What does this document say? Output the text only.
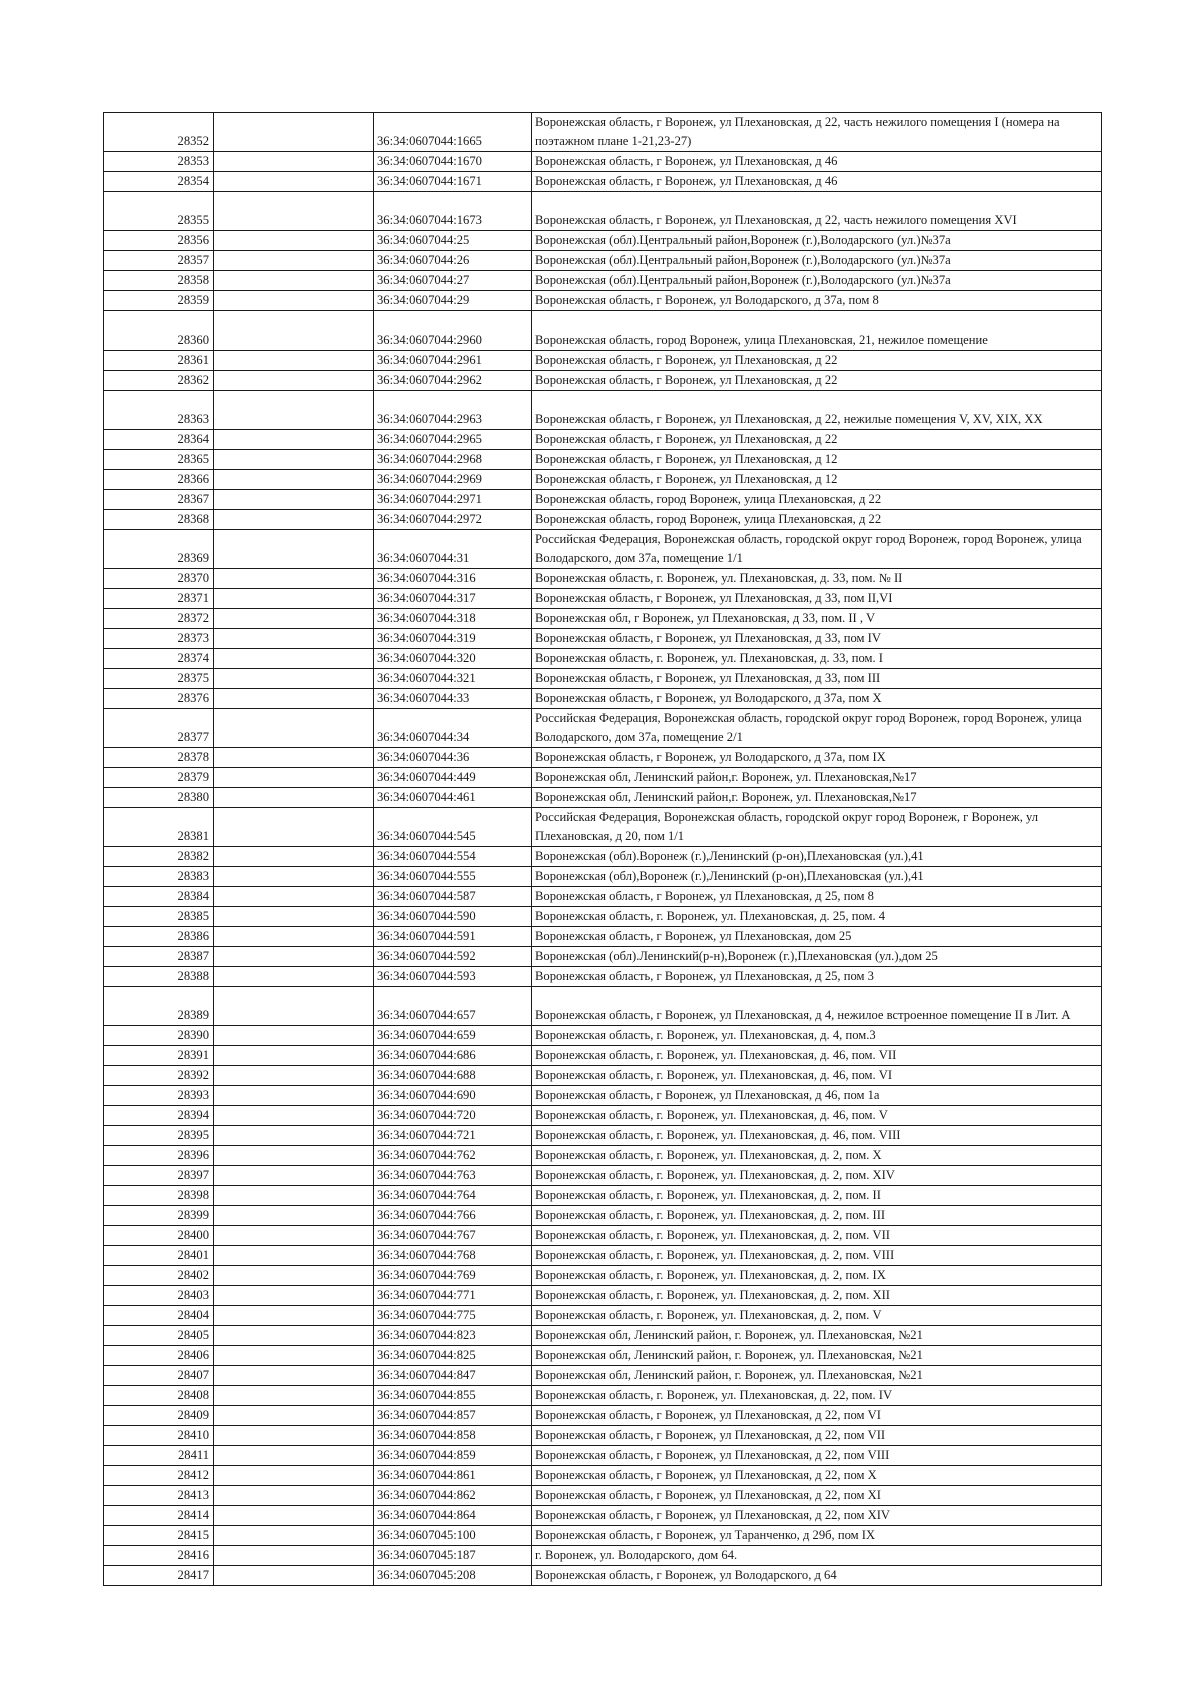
28352		36:34:0607044:1665	Воронежская область, г Воронеж, ул Плехановская, д 22, часть нежилого помещения I (номера на поэтажном плане 1-21,23-27)
28353		36:34:0607044:1670	Воронежская область, г Воронеж, ул Плехановская, д 46
28354		36:34:0607044:1671	Воронежская область, г Воронеж, ул Плехановская, д 46
28355		36:34:0607044:1673	Воронежская область, г Воронеж, ул Плехановская, д 22, часть нежилого помещения XVI
28356		36:34:0607044:25	Воронежская (обл).Центральный район,Воронеж (г.),Володарского (ул.)№37а
28357		36:34:0607044:26	Воронежская (обл).Центральный район,Воронеж (г.),Володарского (ул.)№37а
28358		36:34:0607044:27	Воронежская (обл).Центральный район,Воронеж (г.),Володарского (ул.)№37а
28359		36:34:0607044:29	Воронежская область, г Воронеж, ул Володарского, д 37а, пом 8
28360		36:34:0607044:2960	Воронежская область, город Воронеж, улица Плехановская, 21, нежилое помещение
28361		36:34:0607044:2961	Воронежская область, г Воронеж, ул Плехановская, д 22
28362		36:34:0607044:2962	Воронежская область, г Воронеж, ул Плехановская, д 22
28363		36:34:0607044:2963	Воронежская область, г Воронеж, ул Плехановская, д 22, нежилые помещения V, XV, XIX, XX
28364		36:34:0607044:2965	Воронежская область, г Воронеж, ул Плехановская, д 22
28365		36:34:0607044:2968	Воронежская область, г Воронеж, ул Плехановская, д 12
28366		36:34:0607044:2969	Воронежская область, г Воронеж, ул Плехановская, д 12
28367		36:34:0607044:2971	Воронежская область, город Воронеж, улица Плехановская, д 22
28368		36:34:0607044:2972	Воронежская область, город Воронеж, улица Плехановская, д 22
28369		36:34:0607044:31	Российская Федерация, Воронежская область, городской округ город Воронеж, город Воронеж, улица Володарского, дом 37а, помещение 1/1
28370		36:34:0607044:316	Воронежская область, г. Воронеж, ул. Плехановская, д. 33, пом. № II
28371		36:34:0607044:317	Воронежская область, г Воронеж, ул Плехановская, д 33, пом II,VI
28372		36:34:0607044:318	Воронежская обл, г Воронеж, ул Плехановская, д 33, пом. II , V
28373		36:34:0607044:319	Воронежская область, г Воронеж, ул Плехановская, д 33, пом IV
28374		36:34:0607044:320	Воронежская область, г. Воронеж, ул. Плехановская, д. 33, пом. I
28375		36:34:0607044:321	Воронежская область, г Воронеж, ул Плехановская, д 33, пом III
28376		36:34:0607044:33	Воронежская область, г Воронеж, ул Володарского, д 37а, пом X
28377		36:34:0607044:34	Российская Федерация, Воронежская область, городской округ город Воронеж, город Воронеж, улица Володарского, дом 37а, помещение 2/1
28378		36:34:0607044:36	Воронежская область, г Воронеж, ул Володарского, д 37а, пом IX
28379		36:34:0607044:449	Воронежская обл, Ленинский район,г. Воронеж, ул. Плехановская,№17
28380		36:34:0607044:461	Воронежская обл, Ленинский район,г. Воронеж, ул. Плехановская,№17
28381		36:34:0607044:545	Российская Федерация, Воронежская область, городской округ город Воронеж, г Воронеж, ул Плехановская, д 20, пом 1/1
28382		36:34:0607044:554	Воронежская (обл).Воронеж (г.),Ленинский (р-он),Плехановская (ул.),41
28383		36:34:0607044:555	Воронежская (обл),Воронеж (г.),Ленинский (р-он),Плехановская (ул.),41
28384		36:34:0607044:587	Воронежская область, г Воронеж, ул Плехановская, д 25, пом 8
28385		36:34:0607044:590	Воронежская область, г. Воронеж, ул. Плехановская, д. 25, пом. 4
28386		36:34:0607044:591	Воронежская область, г Воронеж, ул Плехановская, дом 25
28387		36:34:0607044:592	Воронежская (обл).Ленинский(р-н),Воронеж (г.),Плехановская (ул.),дом 25
28388		36:34:0607044:593	Воронежская область, г Воронеж, ул Плехановская, д 25, пом 3
28389		36:34:0607044:657	Воронежская область, г Воронеж, ул Плехановская, д 4, нежилое встроенное помещение II в Лит. А
28390		36:34:0607044:659	Воронежская область, г. Воронеж, ул. Плехановская, д. 4, пом.3
28391		36:34:0607044:686	Воронежская область, г. Воронеж, ул. Плехановская, д. 46, пом. VII
28392		36:34:0607044:688	Воронежская область, г. Воронеж, ул. Плехановская, д. 46, пом. VI
28393		36:34:0607044:690	Воронежская область, г Воронеж, ул Плехановская, д 46, пом 1а
28394		36:34:0607044:720	Воронежская область, г. Воронеж, ул. Плехановская, д. 46, пом. V
28395		36:34:0607044:721	Воронежская область, г. Воронеж, ул. Плехановская, д. 46, пом. VIII
28396		36:34:0607044:762	Воронежская область, г. Воронеж, ул. Плехановская, д. 2, пом. X
28397		36:34:0607044:763	Воронежская область, г. Воронеж, ул. Плехановская, д. 2, пом. XIV
28398		36:34:0607044:764	Воронежская область, г. Воронеж, ул. Плехановская, д. 2, пом. II
28399		36:34:0607044:766	Воронежская область, г. Воронеж, ул. Плехановская, д. 2, пом. III
28400		36:34:0607044:767	Воронежская область, г. Воронеж, ул. Плехановская, д. 2, пом. VII
28401		36:34:0607044:768	Воронежская область, г. Воронеж, ул. Плехановская, д. 2, пом. VIII
28402		36:34:0607044:769	Воронежская область, г. Воронеж, ул. Плехановская, д. 2, пом. IX
28403		36:34:0607044:771	Воронежская область, г. Воронеж, ул. Плехановская, д. 2, пом. XII
28404		36:34:0607044:775	Воронежская область, г. Воронеж, ул. Плехановская, д. 2, пом. V
28405		36:34:0607044:823	Воронежская обл, Ленинский район, г. Воронеж, ул. Плехановская, №21
28406		36:34:0607044:825	Воронежская обл, Ленинский район, г. Воронеж, ул. Плехановская, №21
28407		36:34:0607044:847	Воронежская обл, Ленинский район, г. Воронеж, ул. Плехановская, №21
28408		36:34:0607044:855	Воронежская область, г. Воронеж, ул. Плехановская, д. 22, пом. IV
28409		36:34:0607044:857	Воронежская область, г Воронеж, ул Плехановская, д 22, пом VI
28410		36:34:0607044:858	Воронежская область, г Воронеж, ул Плехановская, д 22, пом VII
28411		36:34:0607044:859	Воронежская область, г Воронеж, ул Плехановская, д 22, пом VIII
28412		36:34:0607044:861	Воронежская область, г Воронеж, ул Плехановская, д 22, пом X
28413		36:34:0607044:862	Воронежская область, г Воронеж, ул Плехановская, д 22, пом XI
28414		36:34:0607044:864	Воронежская область, г Воронеж, ул Плехановская, д 22, пом XIV
28415		36:34:0607045:100	Воронежская область, г Воронеж, ул Таранченко, д 29б, пом IX
28416		36:34:0607045:187	г. Воронеж, ул. Володарского, дом 64.
28417		36:34:0607045:208	Воронежская область, г Воронеж, ул Володарского, д 64
